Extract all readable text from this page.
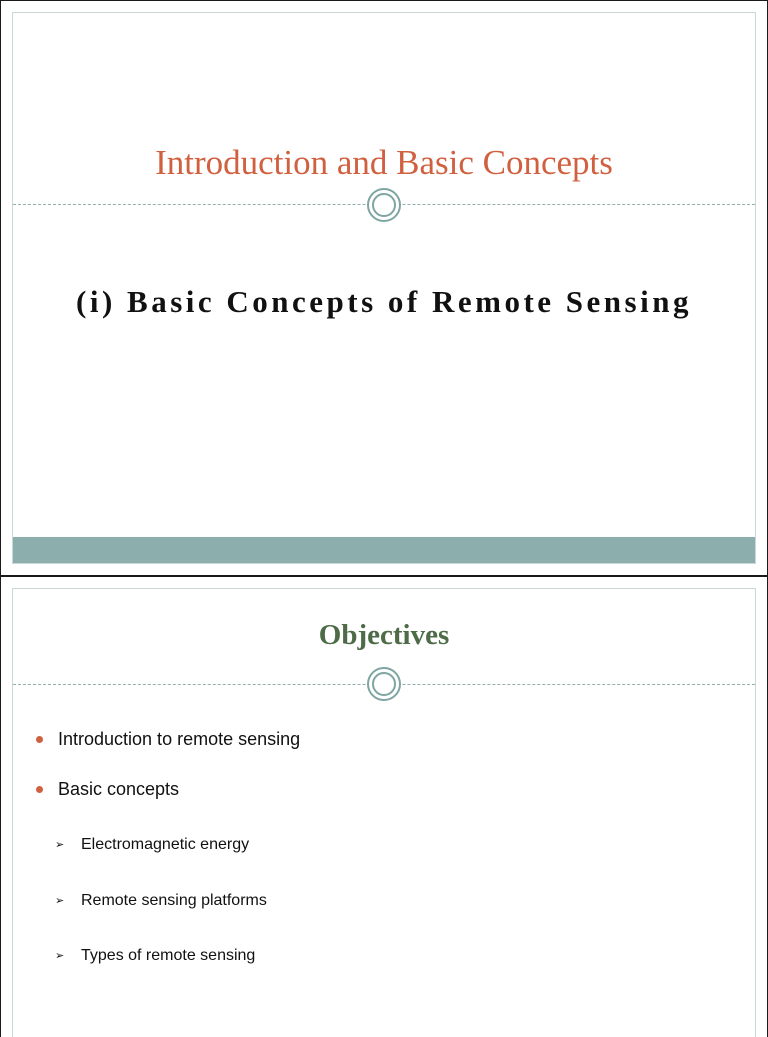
Introduction and Basic Concepts
(i) Basic Concepts of Remote Sensing
Objectives
Introduction to remote sensing
Basic concepts
➢ Electromagnetic energy
➢ Remote sensing platforms
➢ Types of remote sensing
